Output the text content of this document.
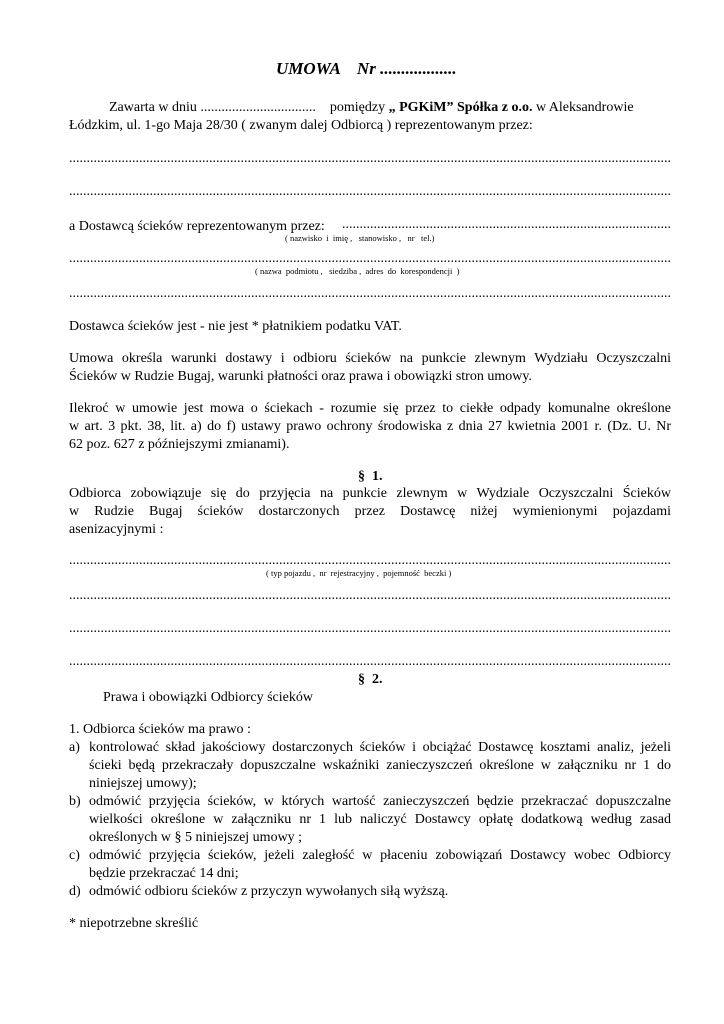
UMOWA    Nr ..................
Zawarta w dniu .................................    pomiędzy „ PGKiM” Spółka z o.o. w Aleksandrowie
Łódzkim, ul. 1-go Maja 28/30 ( zwanym dalej Odbiorcą ) reprezentowanym przez:
.....
.....
a Dostawcą ścieków reprezentowanym przez:
.....
( nazwisko  i  imię ,   stanowisko ,   nr   tel.)
.....
( nazwa  podmiotu ,   siedziba ,  adres  do  korespondencji  )
.....
Dostawca ścieków jest - nie jest * płatnikiem podatku VAT.
Umowa określa warunki dostawy i odbioru ścieków na punkcie zlewnym Wydziału Oczyszczalni
Ścieków w Rudzie Bugaj, warunki płatności oraz prawa i obowiązki stron umowy.
Ilekroć w umowie jest mowa o ściekach - rozumie się przez to ciekłe odpady komunalne określone
w art. 3 pkt. 38, lit. a) do f) ustawy prawo ochrony środowiska z dnia 27 kwietnia 2001 r. (Dz. U. Nr
62 poz. 627 z późniejszymi zmianami).
§  1.
Odbiorca zobowiązuje się do przyjęcia na punkcie zlewnym w Wydziale Oczyszczalni Ścieków
w Rudzie Bugaj ścieków dostarczonych przez Dostawcę niżej wymienionymi pojazdami
asenizacyjnymi :
.....
( typ pojazdu ,  nr  rejestracyjny ,  pojemność  beczki )
.....
.....
.....
§  2.
Prawa i obowiązki Odbiorcy ścieków
1. Odbiorca ścieków ma prawo :
a) kontrolować skład jakościowy dostarczonych ścieków i obciążać Dostawcę kosztami analiz, jeżeli
ścieki będą przekraczały dopuszczalne wskaźniki zanieczyszczeń określone w załączniku nr 1 do
niniejszej umowy);
b) odmówić przyjęcia ścieków, w których wartość zanieczyszczeń będzie przekraczać dopuszczalne
wielkości określone w załączniku nr 1 lub naliczyć Dostawcy opłatę dodatkową według zasad
określonych w § 5 niniejszej umowy ;
c) odmówić przyjęcia ścieków, jeżeli zaległość w płaceniu zobowiązań Dostawcy wobec Odbiorcy
będzie przekraczać 14 dni;
d) odmówić odbioru ścieków z przyczyn wywołanych siłą wyższą.
* niepotrzebne skreślić
